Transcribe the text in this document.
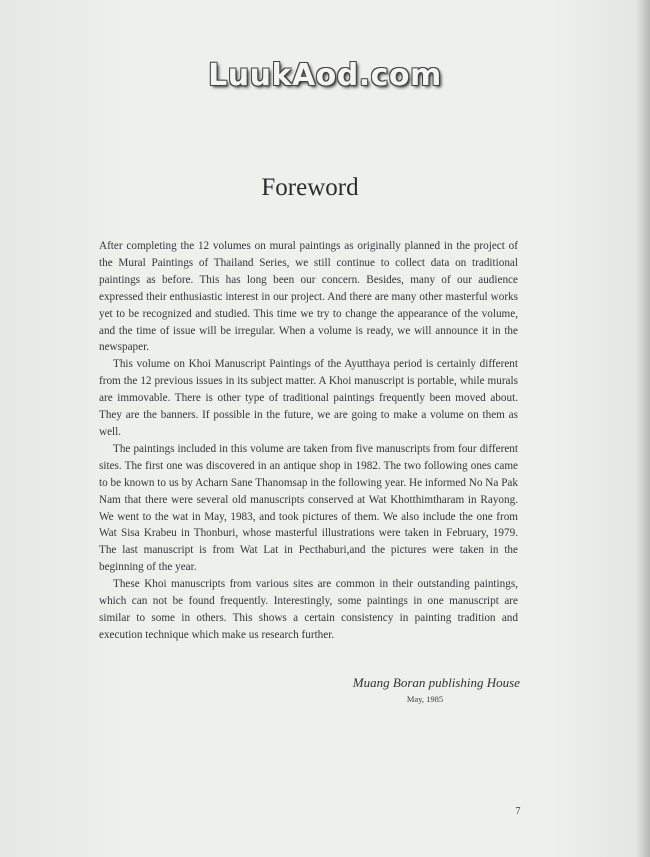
LuukAod.com
Foreword

After completing the 12 volumes on mural paintings as originally planned in the project of the Mural Paintings of Thailand Series, we still continue to collect data on traditional paintings as before. This has long been our concern. Besides, many of our audience expressed their enthusiastic interest in our project. And there are many other masterful works yet to be recognized and studied. This time we try to change the appearance of the volume, and the time of issue will be irregular. When a volume is ready, we will announce it in the newspaper.

This volume on Khoi Manuscript Paintings of the Ayutthaya period is certainly different from the 12 previous issues in its subject matter. A Khoi manuscript is portable, while murals are immovable. There is other type of traditional paintings frequently been moved about. They are the banners. If possible in the future, we are going to make a volume on them as well.

The paintings included in this volume are taken from five manuscripts from four different sites. The first one was discovered in an antique shop in 1982. The two following ones came to be known to us by Acharn Sane Thanomsap in the following year. He informed No Na Pak Nam that there were several old manuscripts conserved at Wat Khotthimtharam in Rayong. We went to the wat in May, 1983, and took pictures of them. We also include the one from Wat Sisa Krabeu in Thonburi, whose masterful illustrations were taken in February, 1979. The last manuscript is from Wat Lat in Pecthaburi,and the pictures were taken in the beginning of the year.

These Khoi manuscripts from various sites are common in their outstanding paintings, which can not be found frequently. Interestingly, some paintings in one manuscript are similar to some in others. This shows a certain consistency in painting tradition and execution technique which make us research further.

Muang Boran publishing House
May, 1985
7
